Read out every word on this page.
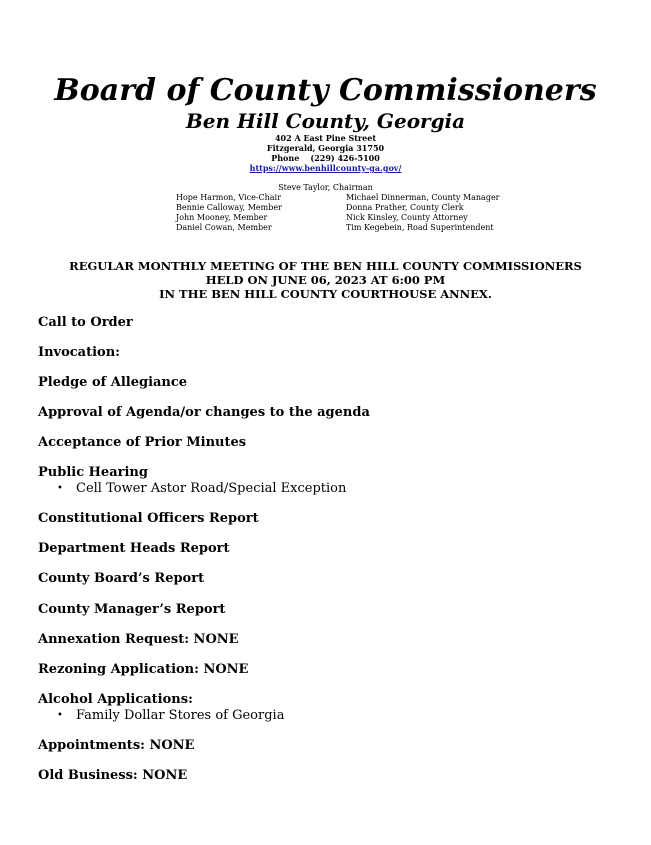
Board of County Commissioners
Ben Hill County, Georgia
402 A East Pine Street
Fitzgerald, Georgia 31750
Phone    (229) 426-5100
https://www.benhillcounty-ga.gov/
Steve Taylor, Chairman
Hope Harmon, Vice-Chair
Bennie Calloway, Member
John Mooney, Member
Daniel Cowan, Member
Michael Dinnerman, County Manager
Donna Prather, County Clerk
Nick Kinsley, County Attorney
Tim Kegebein, Road Superintendent
REGULAR MONTHLY MEETING OF THE BEN HILL COUNTY COMMISSIONERS
HELD ON JUNE 06, 2023 AT 6:00 PM
IN THE BEN HILL COUNTY COURTHOUSE ANNEX.
Call to Order
Invocation:
Pledge of Allegiance
Approval of Agenda/or changes to the agenda
Acceptance of Prior Minutes
Public Hearing
• Cell Tower Astor Road/Special Exception
Constitutional Officers Report
Department Heads Report
County Board’s Report
County Manager’s Report
Annexation Request: NONE
Rezoning Application: NONE
Alcohol Applications:
• Family Dollar Stores of Georgia
Appointments: NONE
Old Business: NONE
